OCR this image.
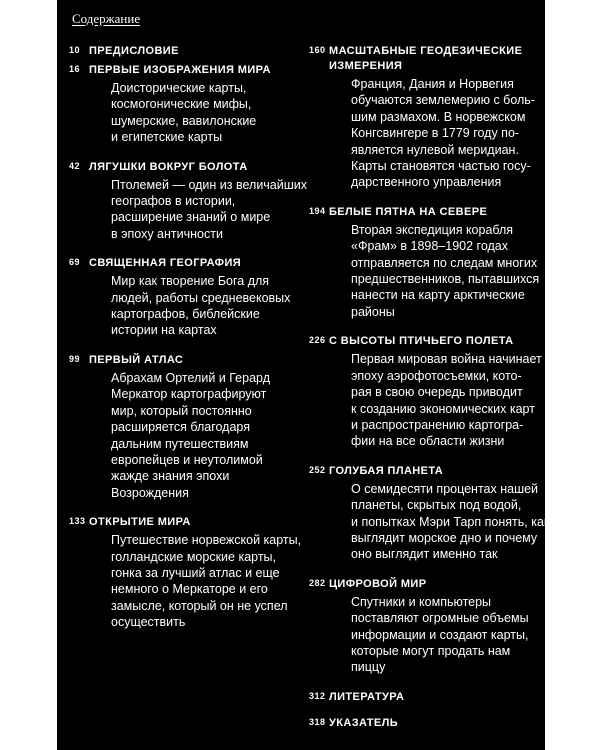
Содержание
10 ПРЕДИСЛОВИЕ
16 ПЕРВЫЕ ИЗОБРАЖЕНИЯ МИРА
Доисторические карты,
космогонические мифы,
шумерские, вавилонские
и египетские карты
42 ЛЯГУШКИ ВОКРУГ БОЛОТА
Птолемей — один из величайших
географов в истории,
расширение знаний о мире
в эпоху античности
69 СВЯЩЕННАЯ ГЕОГРАФИЯ
Мир как творение Бога для
людей, работы средневековых
картографов, библейские
истории на картах
99 ПЕРВЫЙ АТЛАС
Абрахам Ортелий и Герард
Меркатор картографируют
мир, который постоянно
расширяется благодаря
дальним путешествиям
европейцев и неутолимой
жажде знания эпохи
Возрождения
133 ОТКРЫТИЕ МИРА
Путешествие норвежской карты,
голландские морские карты,
гонка за лучший атлас и еще
немного о Меркаторе и его
замысле, который он не успел
осуществить
160 МАСШТАБНЫЕ ГЕОДЕЗИЧЕСКИЕ ИЗМЕРЕНИЯ
Франция, Дания и Норвегия
обучаются землемерию с боль-
шим размахом. В норвежском
Конгсвингере в 1779 году по-
является нулевой меридиан.
Карты становятся частью госу-
дарственного управления
194 БЕЛЫЕ ПЯТНА НА СЕВЕРЕ
Вторая экспедиция корабля
«Фрам» в 1898–1902 годах
отправляется по следам многих
предшественников, пытавшихся
нанести на карту арктические
районы
226 С ВЫСОТЫ ПТИЧЬЕГО ПОЛЕТА
Первая мировая война начинает
эпоху аэрофотосъемки, кото-
рая в свою очередь приводит
к созданию экономических карт
и распространению картогра-
фии на все области жизни
252 ГОЛУБАЯ ПЛАНЕТА
О семидесяти процентах нашей
планеты, скрытых под водой,
и попытках Мэри Тарп понять, как
выглядит морское дно и почему
оно выглядит именно так
282 ЦИФРОВОЙ МИР
Спутники и компьютеры
поставляют огромные объемы
информации и создают карты,
которые могут продать нам
пиццу
312 ЛИТЕРАТУРА
318 УКАЗАТЕЛЬ
